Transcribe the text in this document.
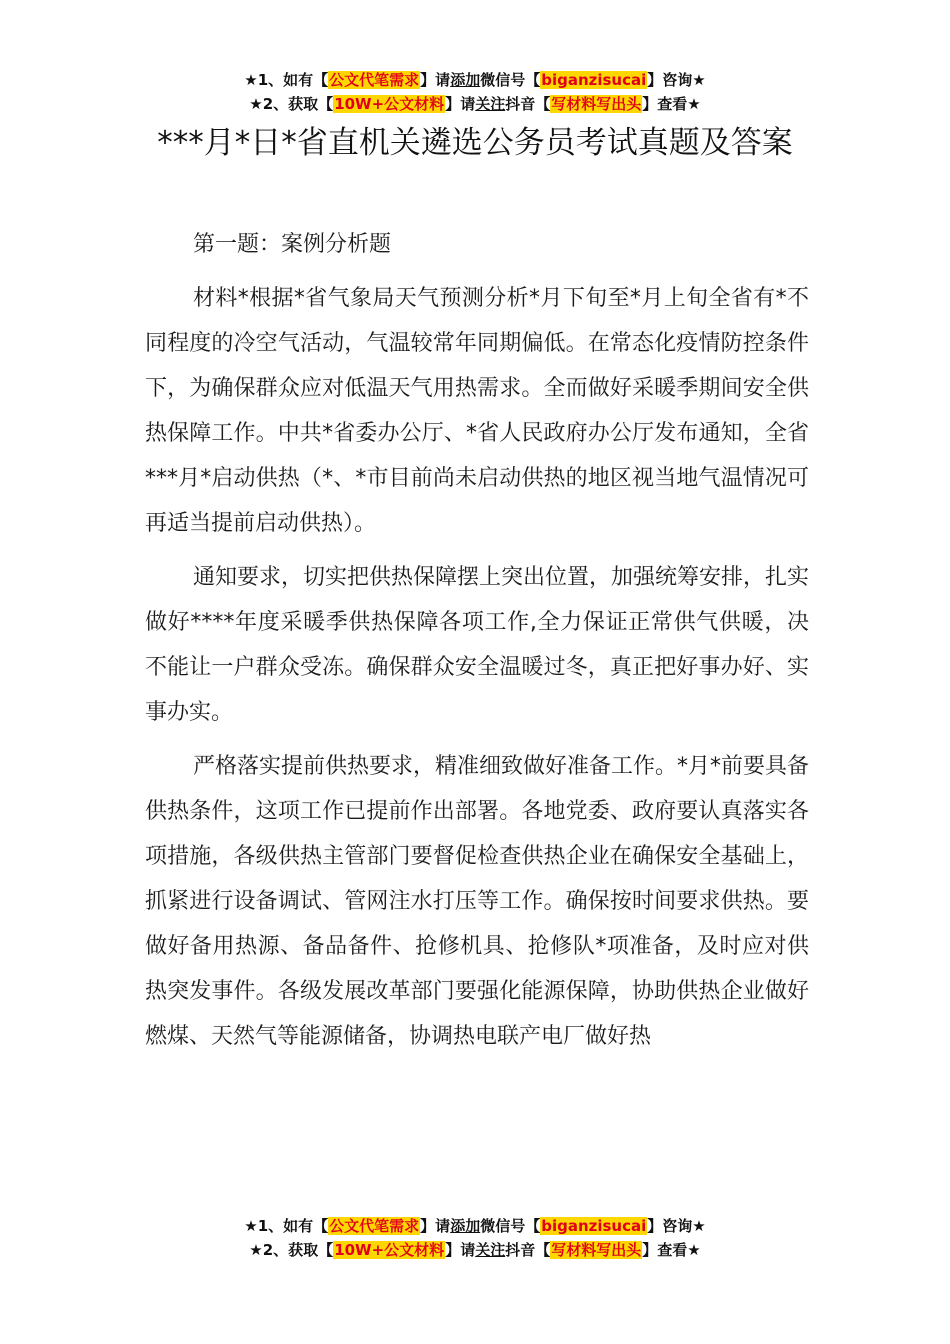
★1、如有【公文代笔需求】请添加微信号【biganzisucai】咨询★
★2、获取【10W+公文材料】请关注抖音【写材料写出头】查看★
***月*日*省直机关遴选公务员考试真题及答案

第一题：案例分析题

材料*根据*省气象局天气预测分析*月下旬至*月上旬全省有*不同程度的冷空气活动，气温较常年同期偏低。在常态化疫情防控条件下，为确保群众应对低温天气用热需求。全而做好采暖季期间安全供热保障工作。中共*省委办公厅、*省人民政府办公厅发布通知，全省***月*启动供热（*、*市目前尚未启动供热的地区视当地气温情况可再适当提前启动供热）。

通知要求，切实把供热保障摆上突出位置，加强统筹安排，扎实做好****年度采暖季供热保障各项工作,全力保证正常供气供暖，决不能让一户群众受冻。确保群众安全温暖过冬，真正把好事办好、实事办实。

严格落实提前供热要求，精准细致做好准备工作。*月*前要具备供热条件，这项工作已提前作出部署。各地党委、政府要认真落实各项措施，各级供热主管部门要督促检查供热企业在确保安全基础上，抓紧进行设备调试、管网注水打压等工作。确保按时间要求供热。要做好备用热源、备品备件、抢修机具、抢修队*项准备，及时应对供热突发事件。各级发展改革部门要强化能源保障，协助供热企业做好燃煤、天然气等能源储备，协调热电联产电厂做好热

★1、如有【公文代笔需求】请添加微信号【biganzisucai】咨询★
★2、获取【10W+公文材料】请关注抖音【写材料写出头】查看★
